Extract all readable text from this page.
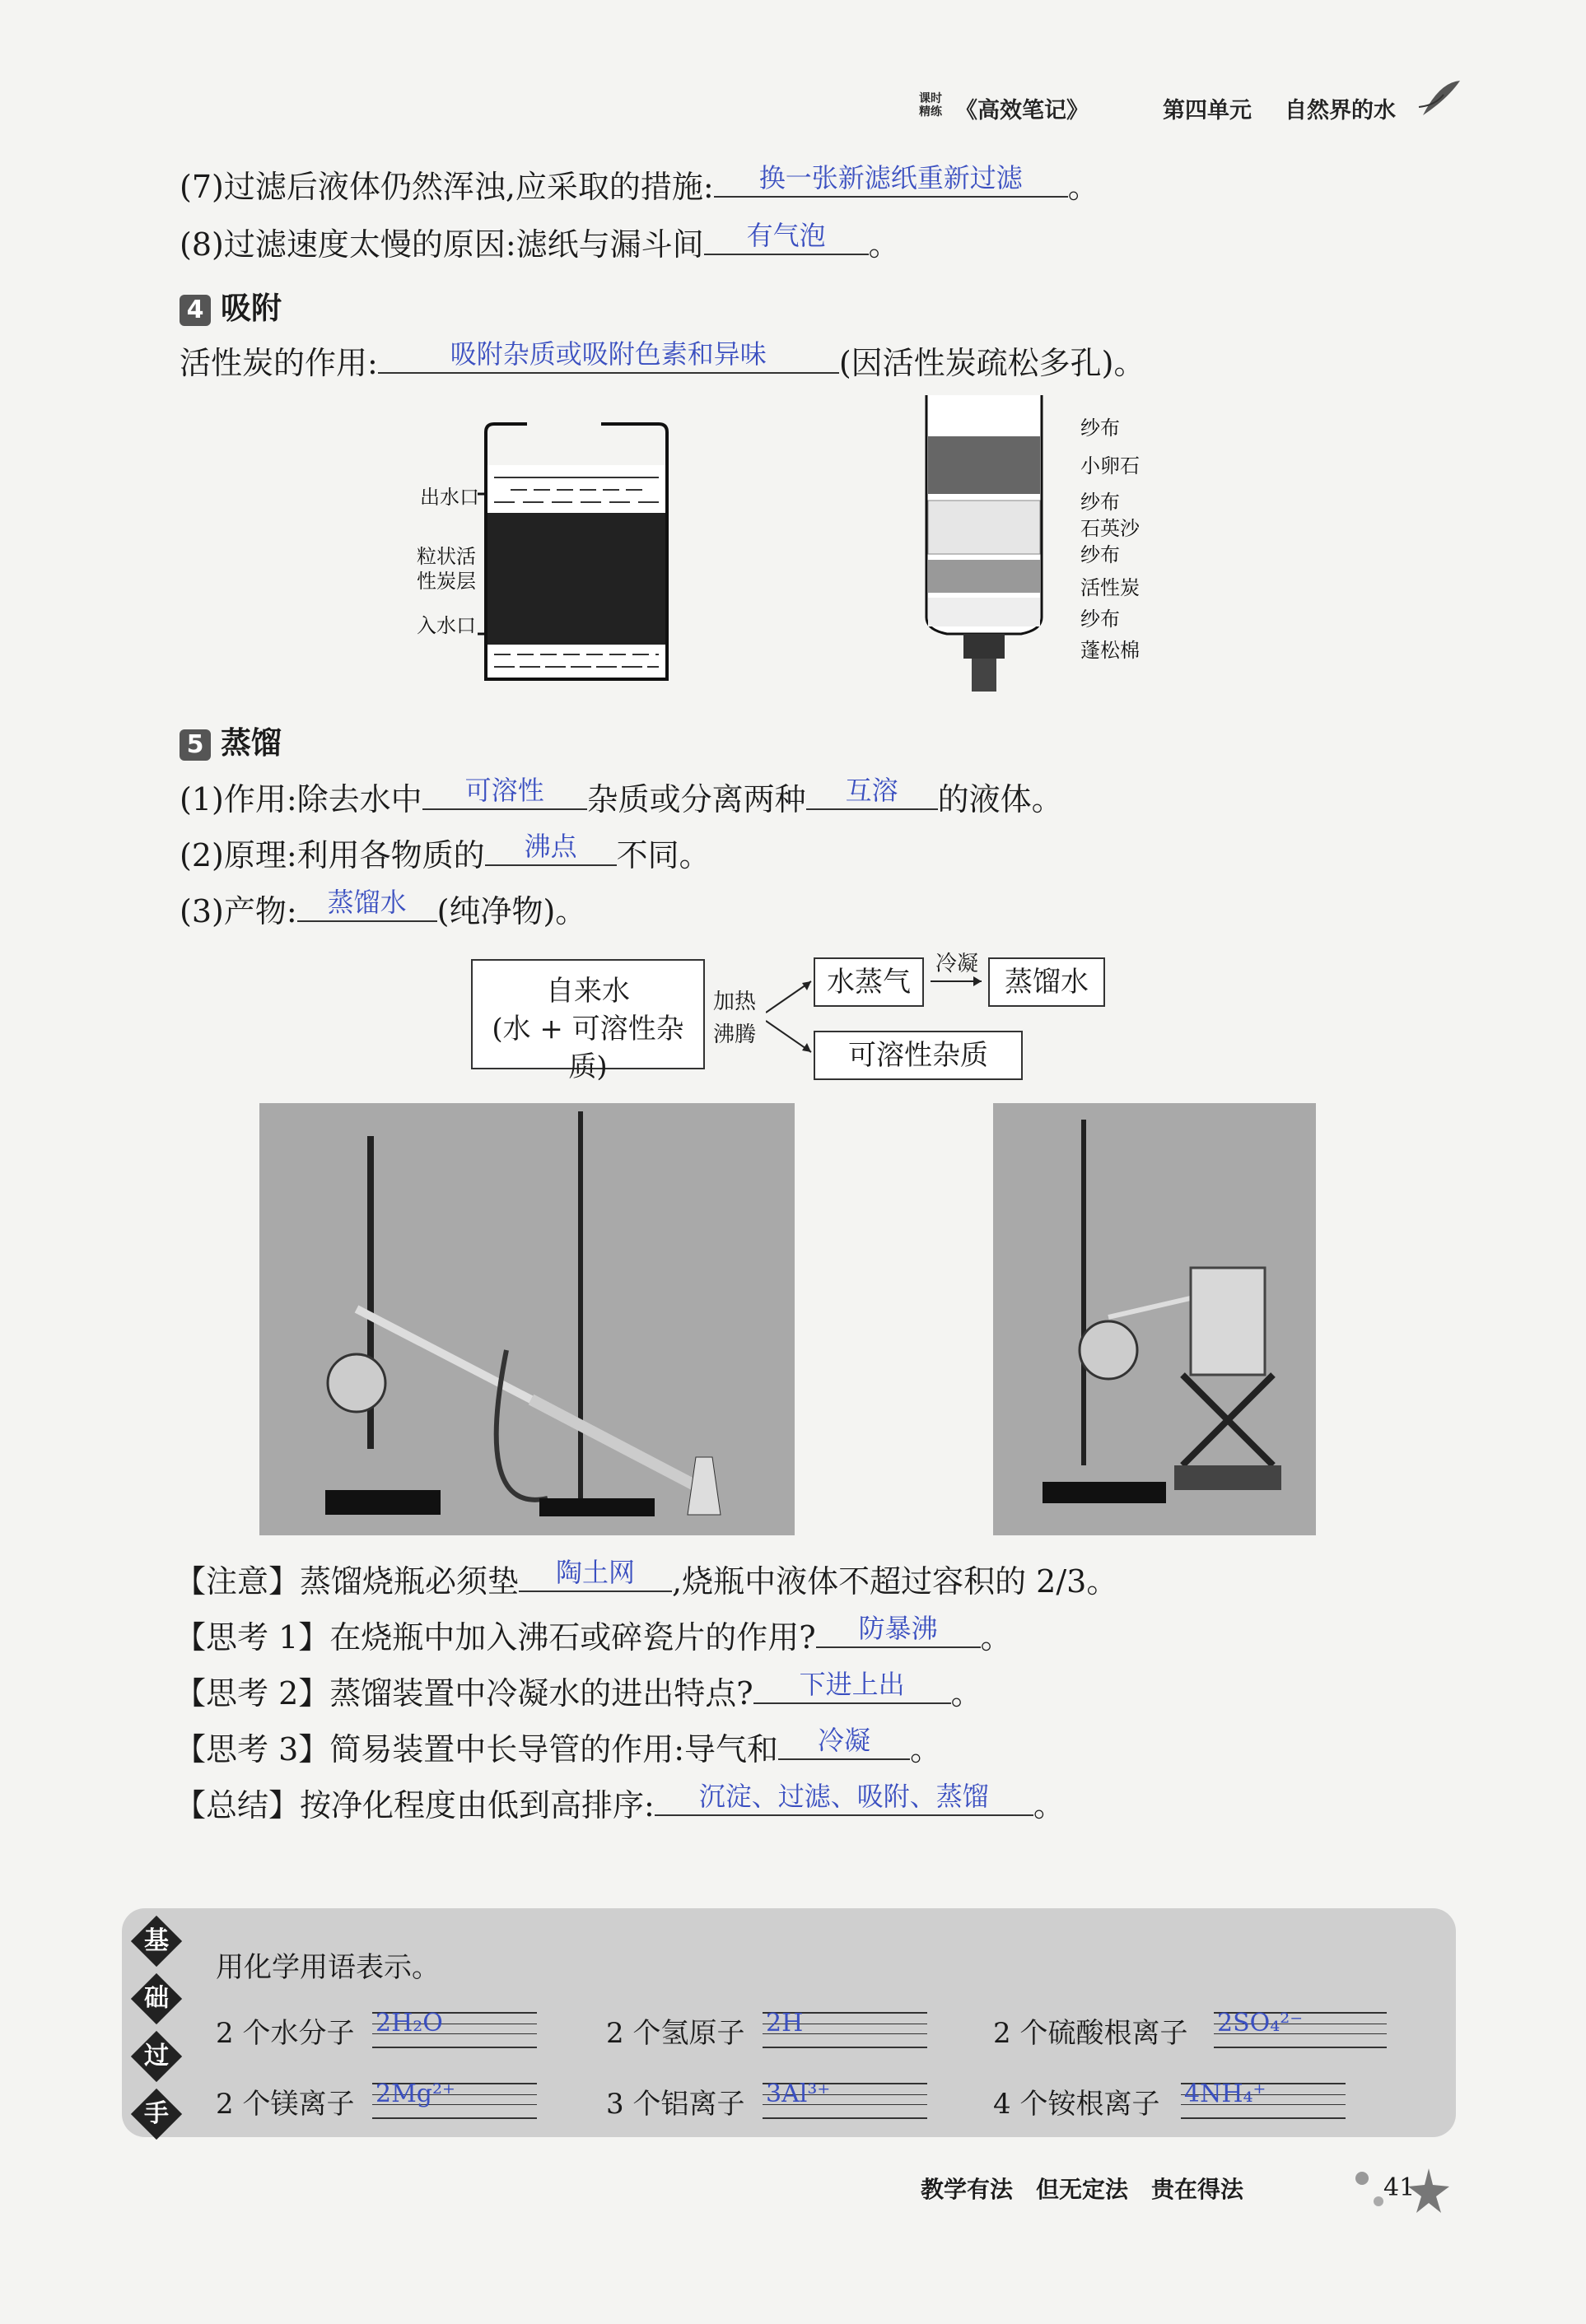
课时精练 《高效笔记》	第四单元 自然界的水
(7)过滤后液体仍然浑浊,应采取的措施:	换一张新滤纸重新过滤	。
(8)过滤速度太慢的原因:滤纸与漏斗间	有气泡	。
4 吸附
活性炭的作用:	吸附杂质或吸附色素和异味	(因活性炭疏松多孔)。
出水口
粒状活
性炭层
入水口
纱布
小卵石
纱布
石英沙
纱布
活性炭
纱布
蓬松棉
5 蒸馏
(1)作用:除去水中	可溶性	杂质或分离两种	互溶	的液体。
(2)原理:利用各物质的	沸点	不同。
(3)产物:	蒸馏水 (纯净物)。
自来水
(水 + 可溶性杂质)
加热
沸腾
水蒸气
冷凝
蒸馏水
可溶性杂质
【注意】蒸馏烧瓶必须垫	陶土网	,烧瓶中液体不超过容积的 2/3。
【思考 1】在烧瓶中加入沸石或碎瓷片的作用?	防暴沸	。
【思考 2】蒸馏装置中冷凝水的进出特点?	下进上出	。
【思考 3】简易装置中长导管的作用:导气和	冷凝	。
【总结】按净化程度由低到高排序:	沉淀、过滤、吸附、蒸馏	。
基
础
过
手
用化学用语表示。
2 个水分子 2H₂O	2 个氢原子 2H	2 个硫酸根离子 2SO₄²⁻
2 个镁离子 2Mg²⁺	3 个铝离子 3Al³⁺	4 个铵根离子 4NH₄⁺
教学有法　但无定法　贵在得法	41
